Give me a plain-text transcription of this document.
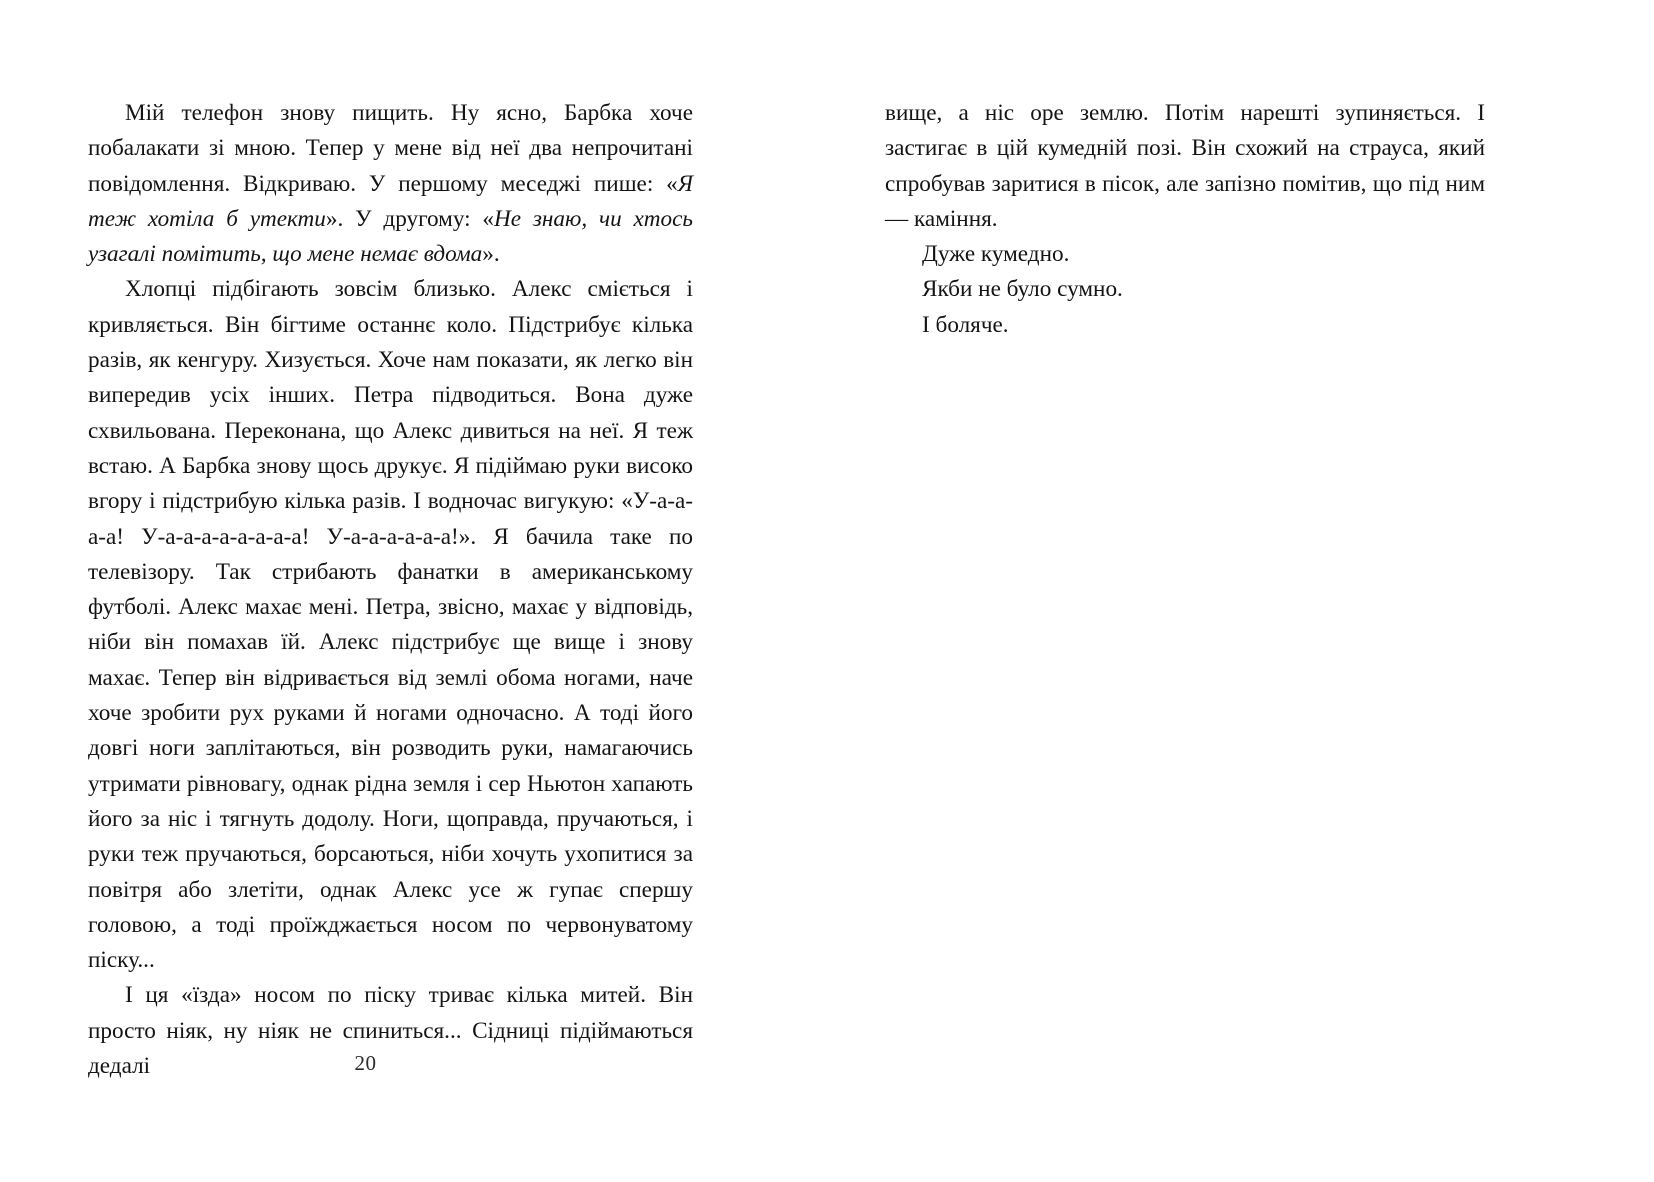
Мій телефон знову пищить. Ну ясно, Барбка хоче побалакати зі мною. Тепер у мене від неї два непрочитані повідомлення. Відкриваю. У першому меседжі пише: «Я теж хотіла б утекти». У другому: «Не знаю, чи хтось узагалі помітить, що мене немає вдома».

Хлопці підбігають зовсім близько. Алекс сміється і кривляється. Він бігтиме останнє коло. Підстрибує кілька разів, як кенгуру. Хизується. Хоче нам показати, як легко він випередив усіх інших. Петра підводиться. Вона дуже схвильована. Переконана, що Алекс дивиться на неї. Я теж встаю. А Барбка знову щось друкує. Я підіймаю руки високо вгору і підстрибую кілька разів. І водночас вигукую: «У-а-а-а-а! У-а-а-а-а-а-а-а-а! У-а-а-а-а-а-а!». Я бачила таке по телевізору. Так стрибають фанатки в американському футболі. Алекс махає мені. Петра, звісно, махає у відповідь, ніби він помахав їй. Алекс підстрибує ще вище і знову махає. Тепер він відривається від землі обома ногами, наче хоче зробити рух руками й ногами одночасно. А тоді його довгі ноги заплітаються, він розводить руки, намагаючись утримати рівновагу, однак рідна земля і сер Ньютон хапають його за ніс і тягнуть додолу. Ноги, щоправда, пручаються, і руки теж пручаються, борсаються, ніби хочуть ухопитися за повітря або злетіти, однак Алекс усе ж гупає спершу головою, а тоді проїжджається носом по червонуватому піску...

І ця «їзда» носом по піску триває кілька митей. Він просто ніяк, ну ніяк не спиниться... Сідниці підіймаються дедалі	20

вище, а ніс оре землю. Потім нарешті зупиняється. І застигає в цій кумедній позі. Він схожий на страуса, який спробував заритися в пісок, але запізно помітив, що під ним — каміння.

Дуже кумедно.

Якби не було сумно.

І боляче.
